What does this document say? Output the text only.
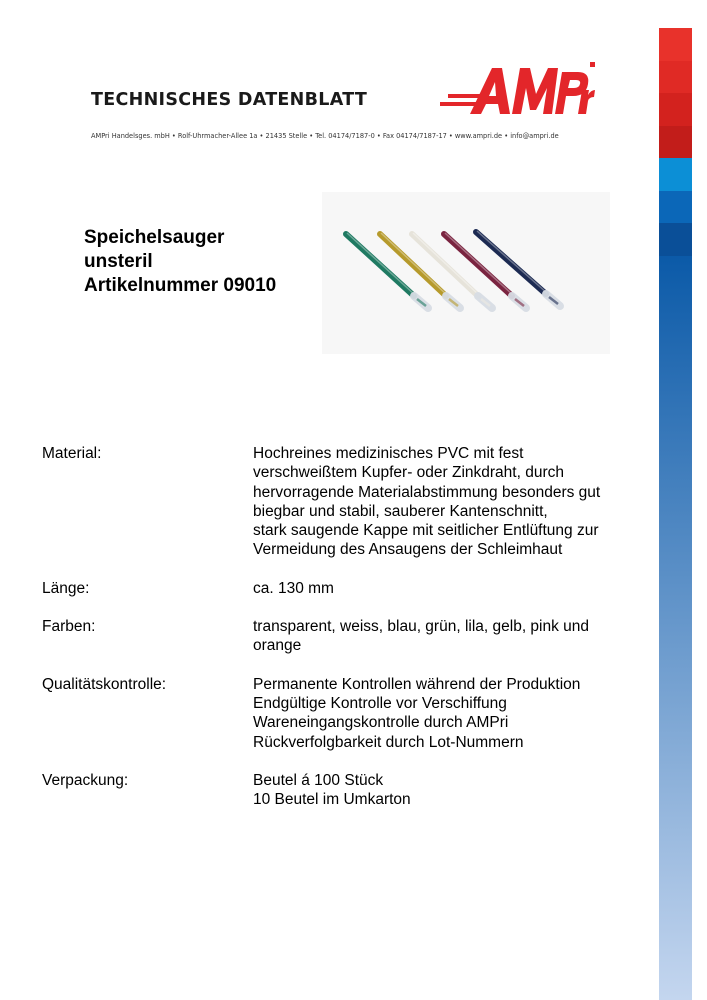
TECHNISCHES DATENBLATT

AMPri Handelsges. mbH • Rolf-Uhrmacher-Allee 1a • 21435 Stelle • Tel. 04174/7187-0 • Fax 04174/7187-17 • www.ampri.de • info@ampri.de

Speichelsauger
unsteril
Artikelnummer 09010
Material:	Hochreines medizinisches PVC mit fest
verschweißtem Kupfer- oder Zinkdraht, durch
hervorragende Materialabstimmung besonders gut
biegbar und stabil, sauberer Kantenschnitt,
stark saugende Kappe mit seitlicher Entlüftung zur
Vermeidung des Ansaugens der Schleimhaut
Länge:	ca. 130 mm
Farben:	transparent, weiss, blau, grün, lila, gelb, pink und
orange
Qualitätskontrolle:	Permanente Kontrollen während der Produktion
Endgültige Kontrolle vor Verschiffung
Wareneingangskontrolle durch AMPri
Rückverfolgbarkeit durch Lot-Nummern
Verpackung:	Beutel á 100 Stück
10 Beutel im Umkarton
